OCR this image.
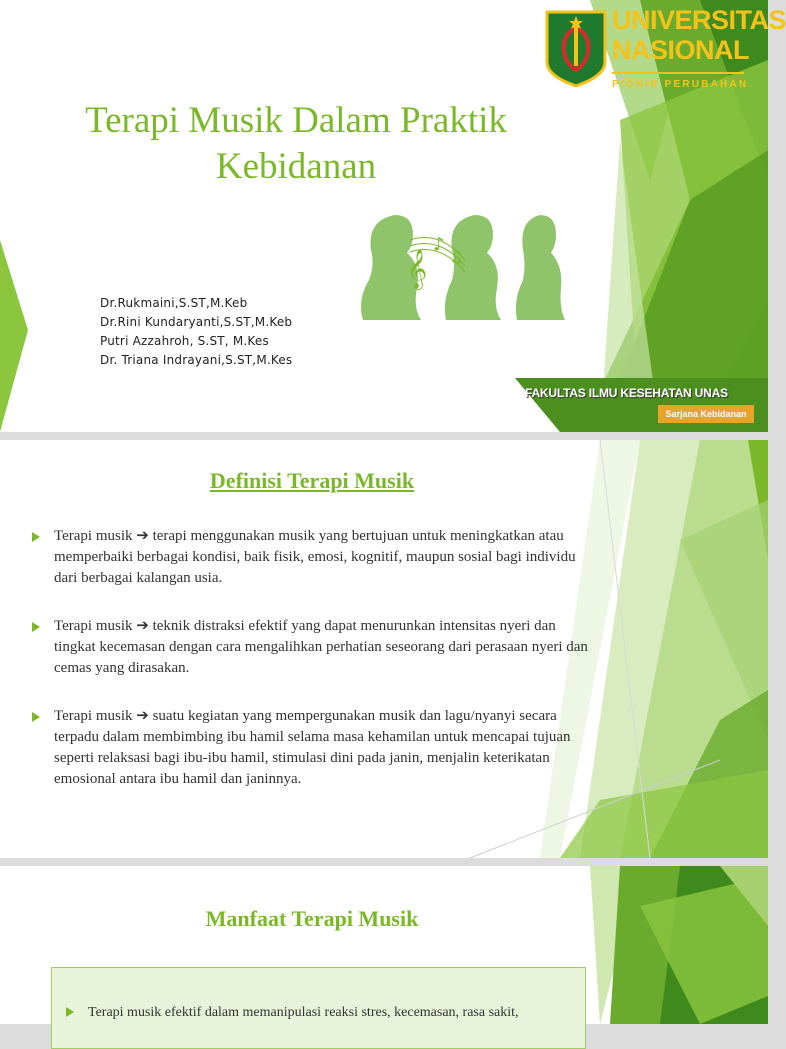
Terapi Musik Dalam Praktik Kebidanan
𝄞
♪
♫
Dr.Rukmaini,S.ST,M.Keb
Dr.Rini Kundaryanti,S.ST,M.Keb
Putri Azzahroh, S.ST, M.Kes
Dr. Triana Indrayani,S.ST,M.Kes
UNIVERSITAS
NASIONAL
PIONIR PERUBAHAN
FAKULTAS ILMU KESEHATAN UNAS
Sarjana Kebidanan
Definisi Terapi Musik
Terapi musik ➔ terapi menggunakan musik yang bertujuan untuk meningkatkan atau memperbaiki berbagai kondisi, baik fisik, emosi, kognitif, maupun sosial bagi individu dari berbagai kalangan usia.
Terapi musik ➔ teknik distraksi efektif yang dapat menurunkan intensitas nyeri dan tingkat kecemasan dengan cara mengalihkan perhatian seseorang dari perasaan nyeri dan cemas yang dirasakan.
Terapi musik ➔ suatu kegiatan yang mempergunakan musik dan lagu/nyanyi secara terpadu dalam membimbing ibu hamil selama masa kehamilan untuk mencapai tujuan seperti relaksasi bagi ibu-ibu hamil, stimulasi dini pada janin, menjalin keterikatan emosional antara ibu hamil dan janinnya.
Manfaat Terapi Musik
Terapi musik efektif dalam memanipulasi reaksi stres, kecemasan, rasa sakit,
